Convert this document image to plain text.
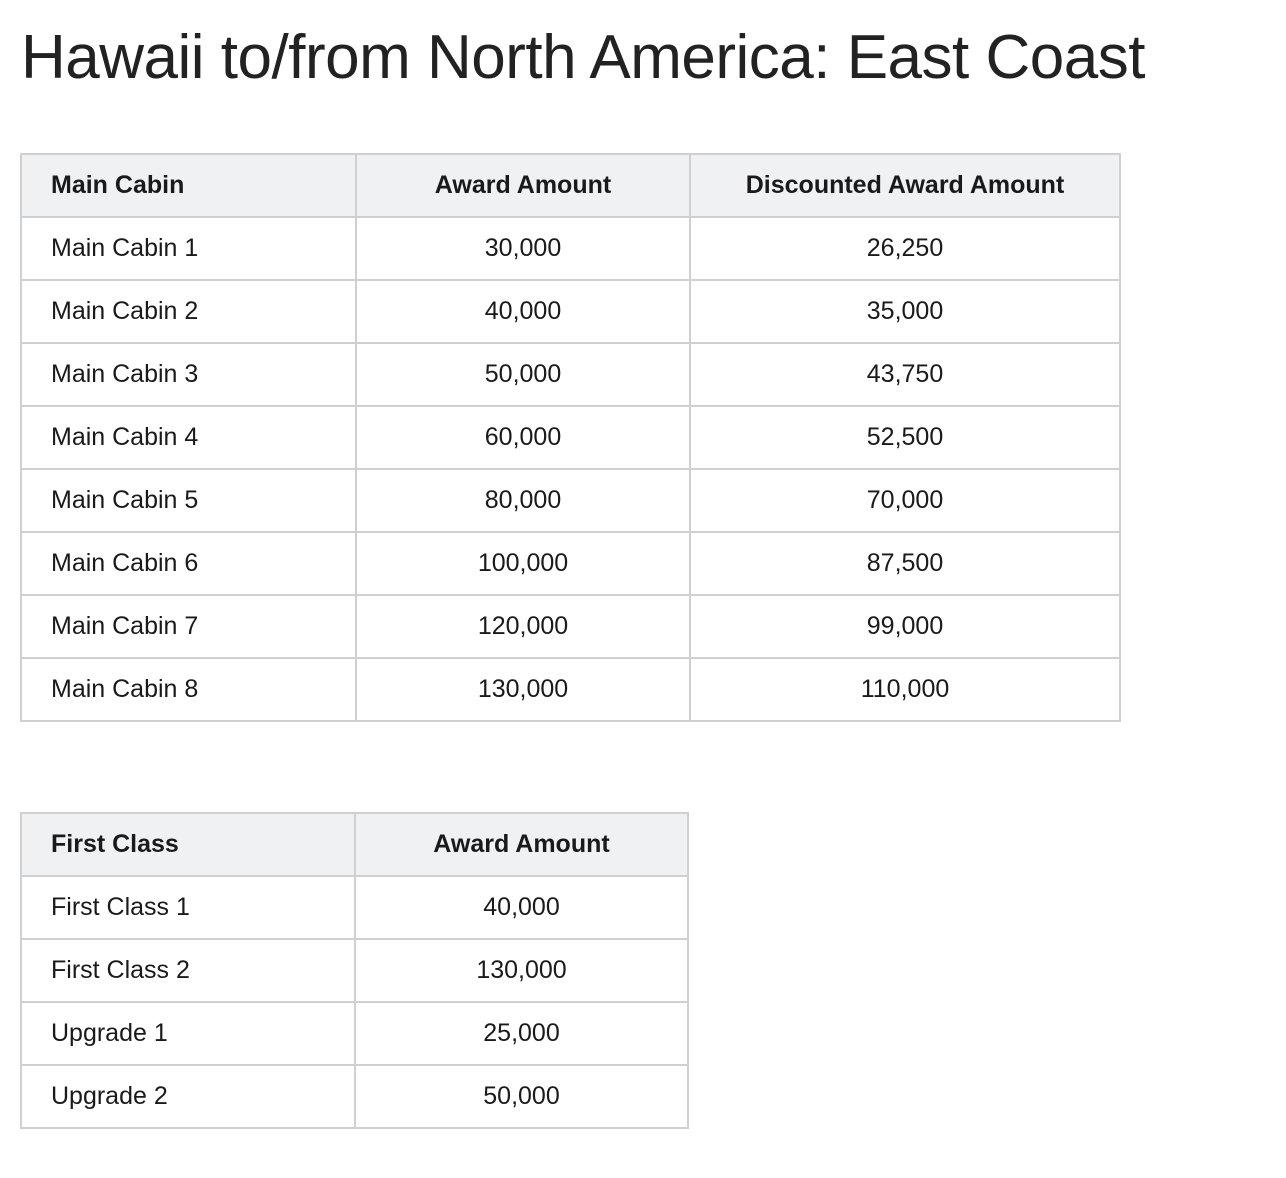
Hawaii to/from North America: East Coast
Main Cabin	Award Amount	Discounted Award Amount
Main Cabin 1	30,000	26,250
Main Cabin 2	40,000	35,000
Main Cabin 3	50,000	43,750
Main Cabin 4	60,000	52,500
Main Cabin 5	80,000	70,000
Main Cabin 6	100,000	87,500
Main Cabin 7	120,000	99,000
Main Cabin 8	130,000	110,000
First Class	Award Amount
First Class 1	40,000
First Class 2	130,000
Upgrade 1	25,000
Upgrade 2	50,000
